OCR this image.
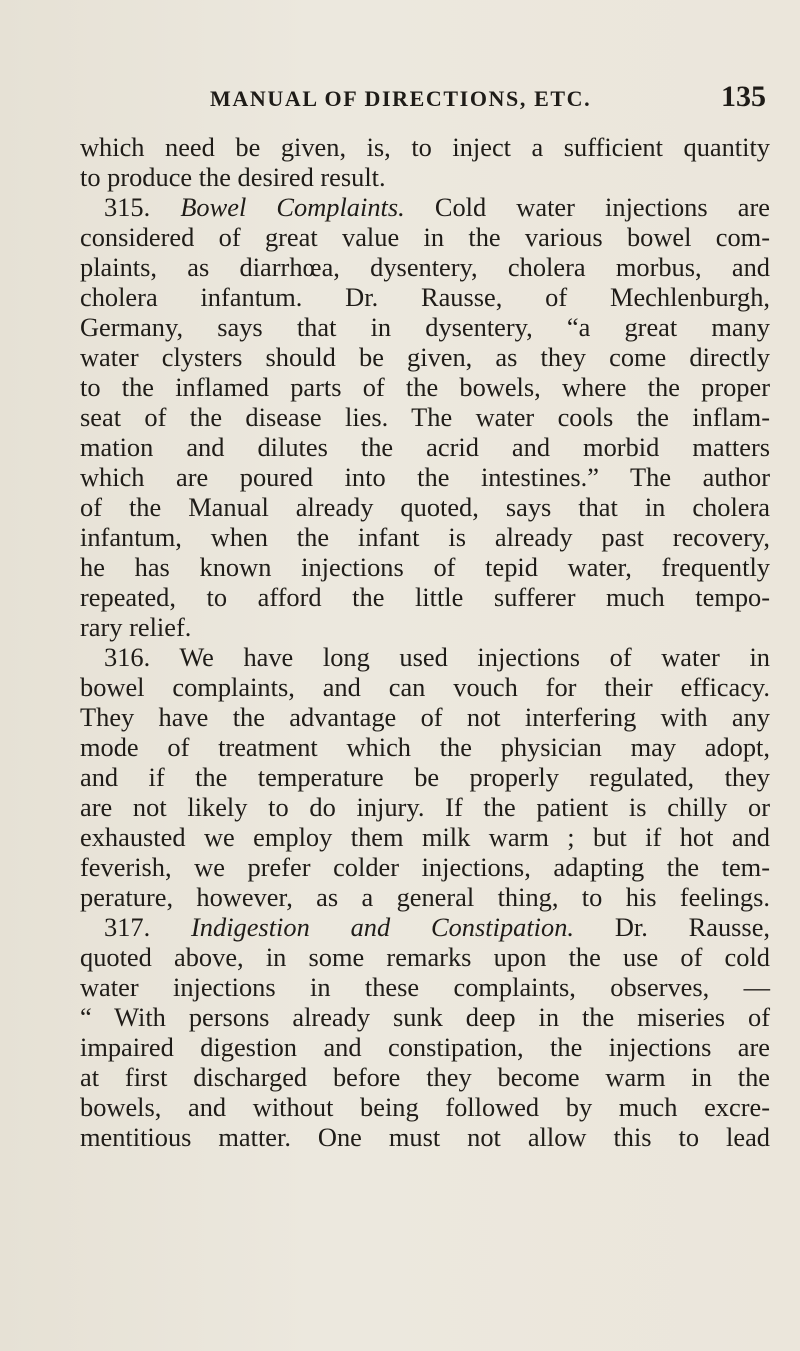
MANUAL OF DIRECTIONS, ETC.	135
which need be given, is, to inject a sufficient quantity
to produce the desired result.
315. Bowel Complaints. Cold water injections are
considered of great value in the various bowel com-
plaints, as diarrhœa, dysentery, cholera morbus, and
cholera infantum. Dr. Rausse, of Mechlenburgh,
Germany, says that in dysentery, “a great many
water clysters should be given, as they come directly
to the inflamed parts of the bowels, where the proper
seat of the disease lies. The water cools the inflam-
mation and dilutes the acrid and morbid matters
which are poured into the intestines.” The author
of the Manual already quoted, says that in cholera
infantum, when the infant is already past recovery,
he has known injections of tepid water, frequently
repeated, to afford the little sufferer much tempo-
rary relief.
316. We have long used injections of water in
bowel complaints, and can vouch for their efficacy.
They have the advantage of not interfering with any
mode of treatment which the physician may adopt,
and if the temperature be properly regulated, they
are not likely to do injury. If the patient is chilly or
exhausted we employ them milk warm ; but if hot and
feverish, we prefer colder injections, adapting the tem-
perature, however, as a general thing, to his feelings.
317. Indigestion and Constipation. Dr. Rausse,
quoted above, in some remarks upon the use of cold
water injections in these complaints, observes, —
“ With persons already sunk deep in the miseries of
impaired digestion and constipation, the injections are
at first discharged before they become warm in the
bowels, and without being followed by much excre-
mentitious matter. One must not allow this to lead
